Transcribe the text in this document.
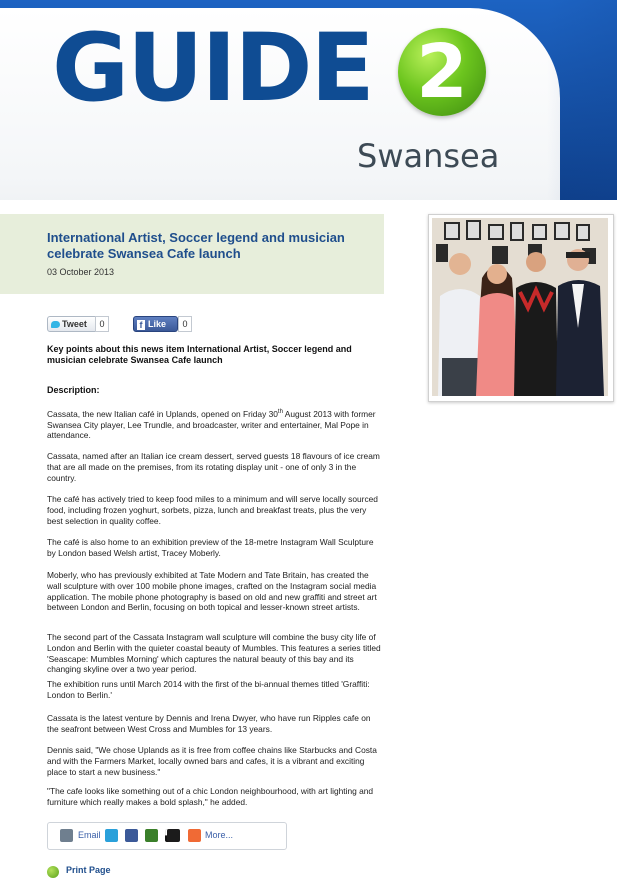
GUIDE 2
Swansea
International Artist, Soccer legend and musician celebrate Swansea Cafe launch
03 October 2013
Tweet	0	f Like	0

Key points about this news item International Artist, Soccer legend and musician celebrate Swansea Cafe launch

Description:

Cassata, the new Italian café in Uplands, opened on Friday 30th August 2013 with former Swansea City player, Lee Trundle, and broadcaster, writer and entertainer, Mal Pope in attendance.

Cassata, named after an Italian ice cream dessert, served guests 18 flavours of ice cream that are all made on the premises, from its rotating display unit - one of only 3 in the country.

The café has actively tried to keep food miles to a minimum and will serve locally sourced food, including frozen yoghurt, sorbets, pizza, lunch and breakfast treats, plus the very best selection in quality coffee.

The café is also home to an exhibition preview of the 18-metre Instagram Wall Sculpture by London based Welsh artist, Tracey Moberly.

Moberly, who has previously exhibited at Tate Modern and Tate Britain, has created the wall sculpture with over 100 mobile phone images, crafted on the Instagram social media application. The mobile phone photography is based on old and new graffiti and street art between London and Berlin, focusing on both topical and lesser-known street artists.

The second part of the Cassata Instagram wall sculpture will combine the busy city life of London and Berlin with the quieter coastal beauty of Mumbles. This features a series titled 'Seascape: Mumbles Morning' which captures the natural beauty of this bay and its changing skyline over a two year period.

The exhibition runs until March 2014 with the first of the bi-annual themes titled 'Graffiti: London to Berlin.'

Cassata is the latest venture by Dennis and Irena Dwyer, who have run Ripples cafe on the seafront between West Cross and Mumbles for 13 years.

Dennis said, "We chose Uplands as it is free from coffee chains like Starbucks and Costa and with the Farmers Market, locally owned bars and cafes, it is a vibrant and exciting place to start a new business."

"The cafe looks like something out of a chic London neighbourhood, with art lighting and furniture which really makes a bold splash," he added.

Email	More...
Print Page
